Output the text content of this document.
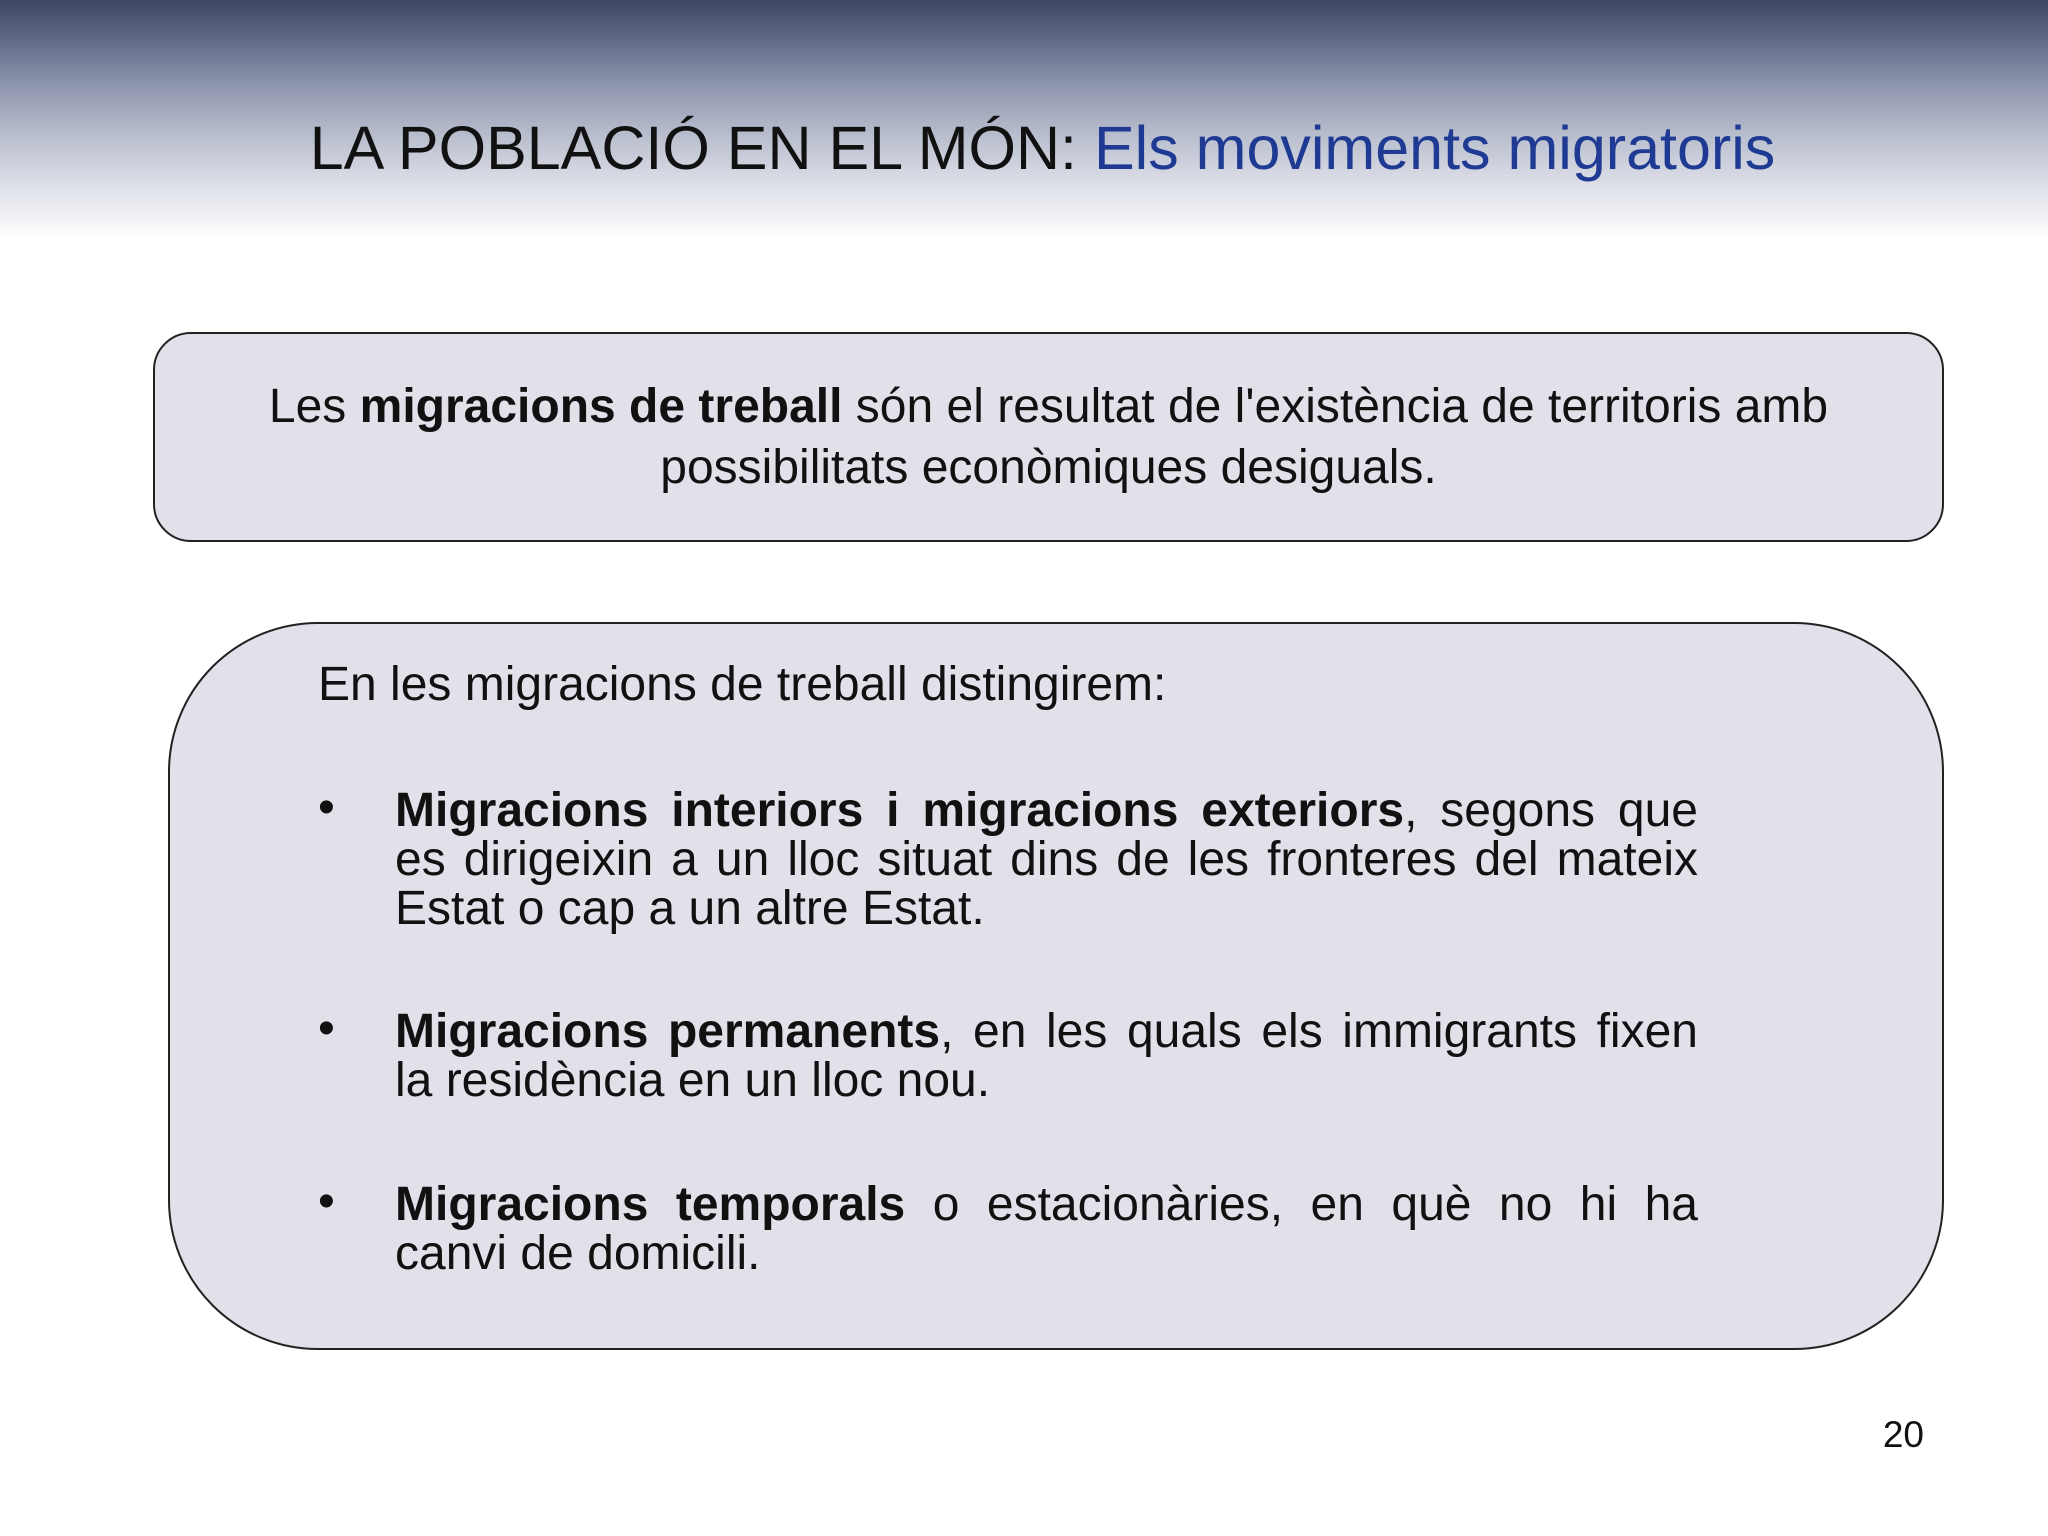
LA POBLACIÓ EN EL MÓN: Els moviments migratoris
Les migracions de treball són el resultat de l'existència de territoris amb possibilitats econòmiques desiguals.
En les migracions de treball distingirem:
• Migracions interiors i migracions exteriors, segons que es dirigeixin a un lloc situat dins de les fronteres del mateix Estat o cap a un altre Estat.
• Migracions permanents, en les quals els immigrants fixen la residència en un lloc nou.
• Migracions temporals o estacionàries, en què no hi ha canvi de domicili.
20
